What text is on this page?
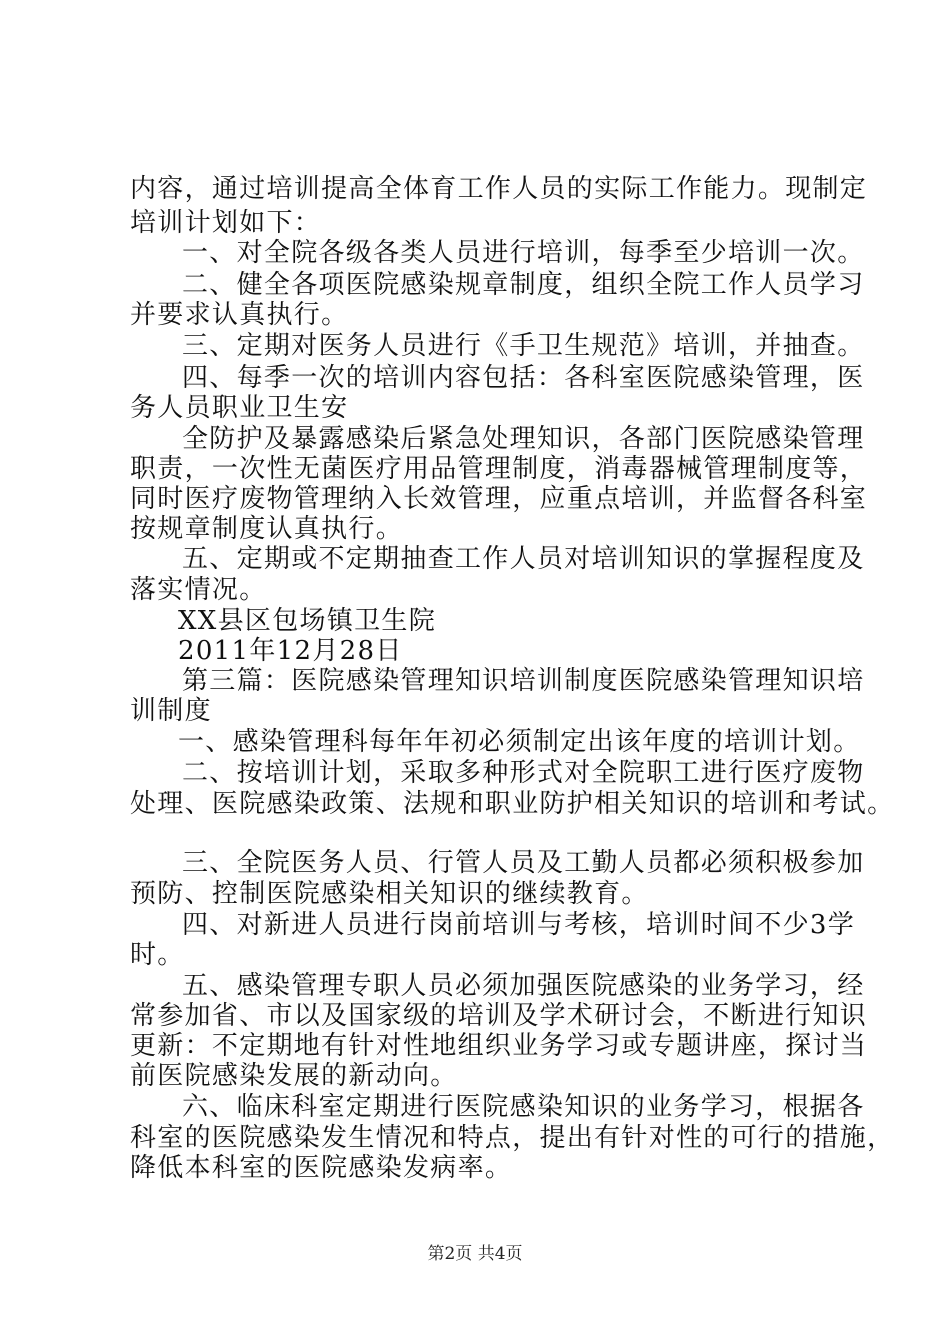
内容，通过培训提高全体育工作人员的实际工作能力。现制定
培训计划如下：
一、对全院各级各类人员进行培训，每季至少培训一次。
二、健全各项医院感染规章制度，组织全院工作人员学习
并要求认真执行。
三、定期对医务人员进行《手卫生规范》培训，并抽查。
四、每季一次的培训内容包括：各科室医院感染管理，医
务人员职业卫生安
全防护及暴露感染后紧急处理知识，各部门医院感染管理
职责，一次性无菌医疗用品管理制度，消毒器械管理制度等，
同时医疗废物管理纳入长效管理，应重点培训，并监督各科室
按规章制度认真执行。
五、定期或不定期抽查工作人员对培训知识的掌握程度及
落实情况。
XX县区包场镇卫生院
2011年12月28日
第三篇：医院感染管理知识培训制度医院感染管理知识培
训制度
一、感染管理科每年年初必须制定出该年度的培训计划。
二、按培训计划，采取多种形式对全院职工进行医疗废物
处理、医院感染政策、法规和职业防护相关知识的培训和考试。
三、全院医务人员、行管人员及工勤人员都必须积极参加
预防、控制医院感染相关知识的继续教育。
四、对新进人员进行岗前培训与考核，培训时间不少3学
时。
五、感染管理专职人员必须加强医院感染的业务学习，经
常参加省、市以及国家级的培训及学术研讨会，不断进行知识
更新：不定期地有针对性地组织业务学习或专题讲座，探讨当
前医院感染发展的新动向。
六、临床科室定期进行医院感染知识的业务学习，根据各
科室的医院感染发生情况和特点，提出有针对性的可行的措施，
降低本科室的医院感染发病率。
第2页 共4页
